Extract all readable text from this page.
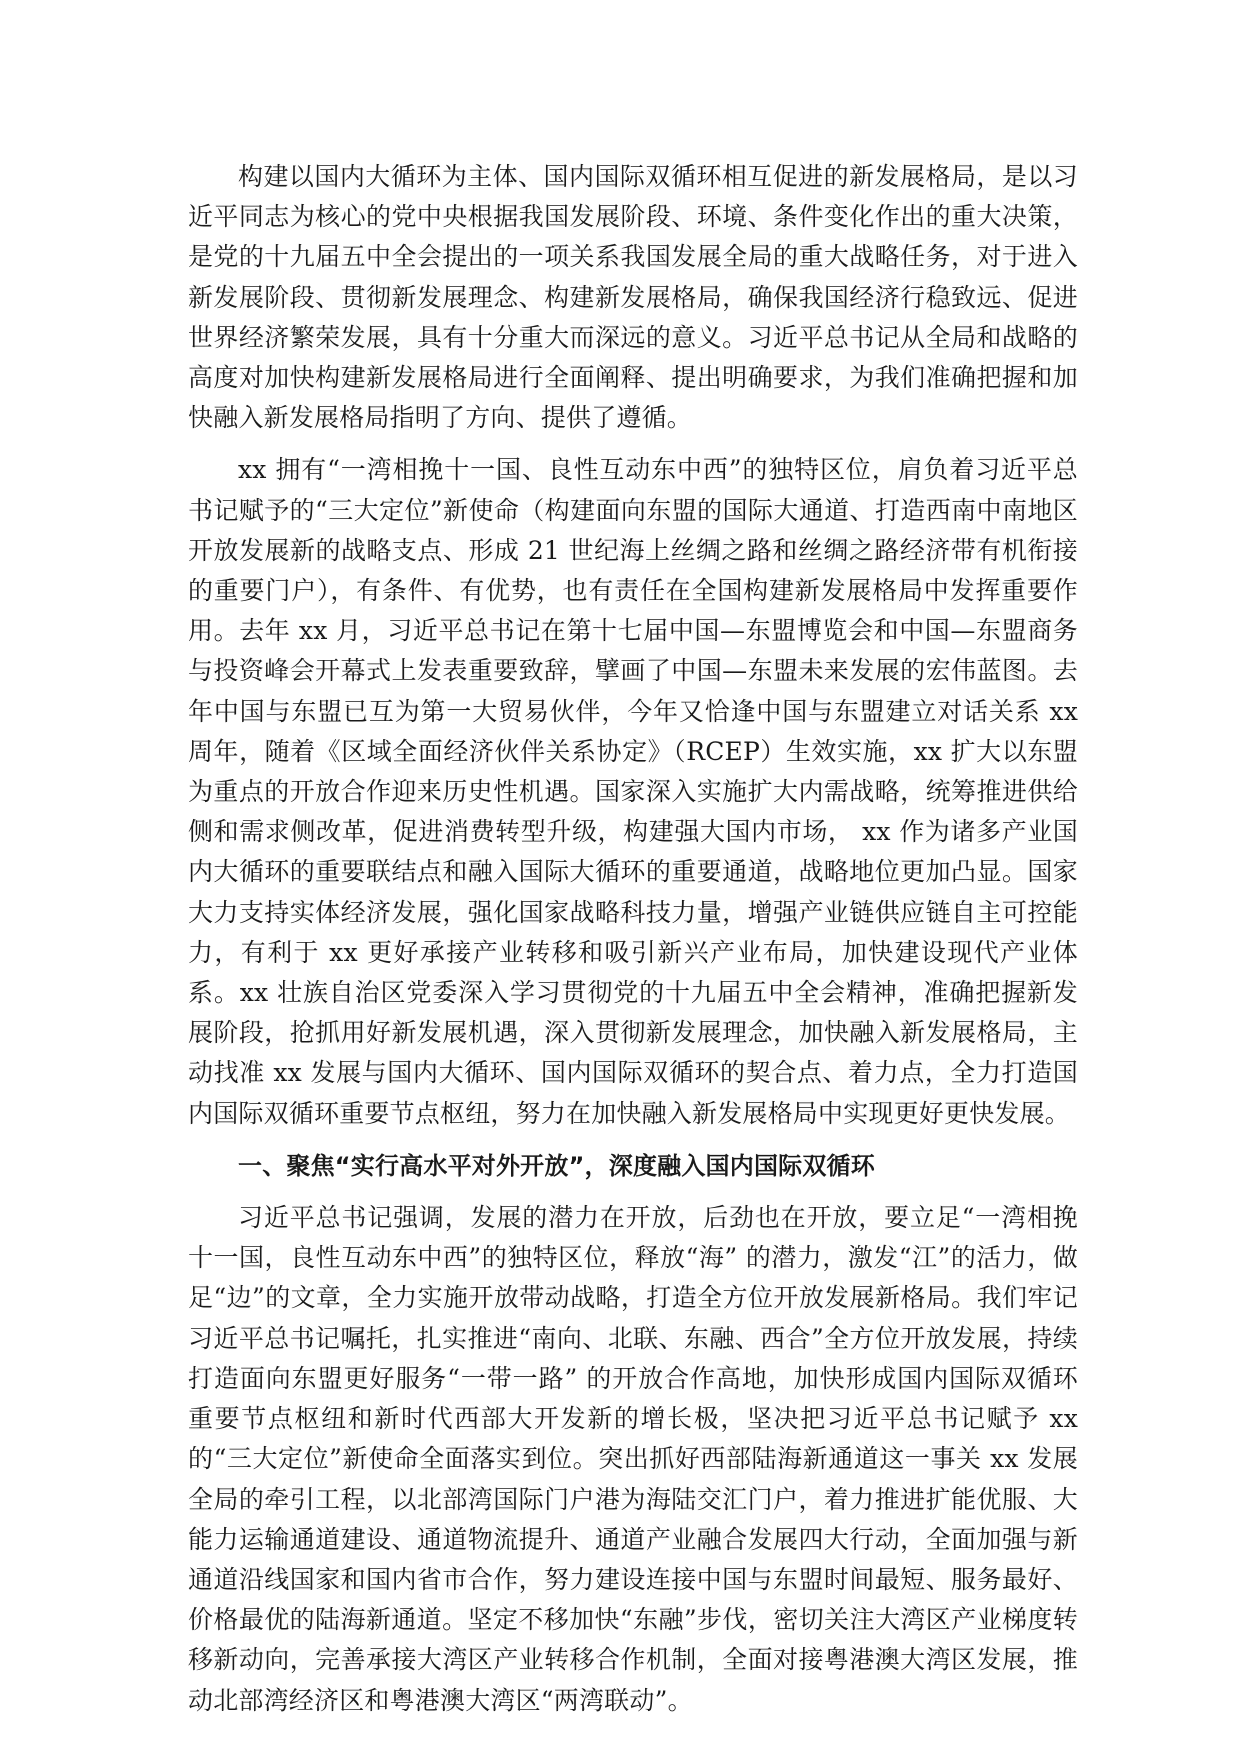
构建以国内大循环为主体、国内国际双循环相互促进的新发展格局，是以习近平同志为核心的党中央根据我国发展阶段、环境、条件变化作出的重大决策，是党的十九届五中全会提出的一项关系我国发展全局的重大战略任务，对于进入新发展阶段、贯彻新发展理念、构建新发展格局，确保我国经济行稳致远、促进世界经济繁荣发展，具有十分重大而深远的意义。习近平总书记从全局和战略的高度对加快构建新发展格局进行全面阐释、提出明确要求，为我们准确把握和加快融入新发展格局指明了方向、提供了遵循。

xx 拥有“一湾相挽十一国、良性互动东中西”的独特区位，肩负着习近平总书记赋予的“三大定位”新使命（构建面向东盟的国际大通道、打造西南中南地区开放发展新的战略支点、形成 21 世纪海上丝绸之路和丝绸之路经济带有机衔接的重要门户），有条件、有优势，也有责任在全国构建新发展格局中发挥重要作用。去年 xx 月，习近平总书记在第十七届中国—东盟博览会和中国—东盟商务与投资峰会开幕式上发表重要致辞，擘画了中国—东盟未来发展的宏伟蓝图。去年中国与东盟已互为第一大贸易伙伴，今年又恰逢中国与东盟建立对话关系 xx 周年，随着《区域全面经济伙伴关系协定》（RCEP）生效实施，xx 扩大以东盟为重点的开放合作迎来历史性机遇。国家深入实施扩大内需战略，统筹推进供给侧和需求侧改革，促进消费转型升级，构建强大国内市场， xx 作为诸多产业国内大循环的重要联结点和融入国际大循环的重要通道，战略地位更加凸显。国家大力支持实体经济发展，强化国家战略科技力量，增强产业链供应链自主可控能力，有利于 xx 更好承接产业转移和吸引新兴产业布局，加快建设现代产业体系。xx 壮族自治区党委深入学习贯彻党的十九届五中全会精神，准确把握新发展阶段，抢抓用好新发展机遇，深入贯彻新发展理念，加快融入新发展格局，主动找准 xx 发展与国内大循环、国内国际双循环的契合点、着力点，全力打造国内国际双循环重要节点枢纽，努力在加快融入新发展格局中实现更好更快发展。

一、聚焦“实行高水平对外开放”，深度融入国内国际双循环

习近平总书记强调，发展的潜力在开放，后劲也在开放，要立足“一湾相挽十一国，良性互动东中西”的独特区位，释放“海” 的潜力，激发“江”的活力，做足“边”的文章，全力实施开放带动战略，打造全方位开放发展新格局。我们牢记习近平总书记嘱托，扎实推进“南向、北联、东融、西合”全方位开放发展，持续打造面向东盟更好服务“一带一路” 的开放合作高地，加快形成国内国际双循环重要节点枢纽和新时代西部大开发新的增长极，坚决把习近平总书记赋予 xx 的“三大定位”新使命全面落实到位。突出抓好西部陆海新通道这一事关 xx 发展全局的牵引工程，以北部湾国际门户港为海陆交汇门户，着力推进扩能优服、大能力运输通道建设、通道物流提升、通道产业融合发展四大行动，全面加强与新通道沿线国家和国内省市合作，努力建设连接中国与东盟时间最短、服务最好、价格最优的陆海新通道。坚定不移加快“东融”步伐，密切关注大湾区产业梯度转移新动向，完善承接大湾区产业转移合作机制，全面对接粤港澳大湾区发展，推动北部湾经济区和粤港澳大湾区“两湾联动”。
